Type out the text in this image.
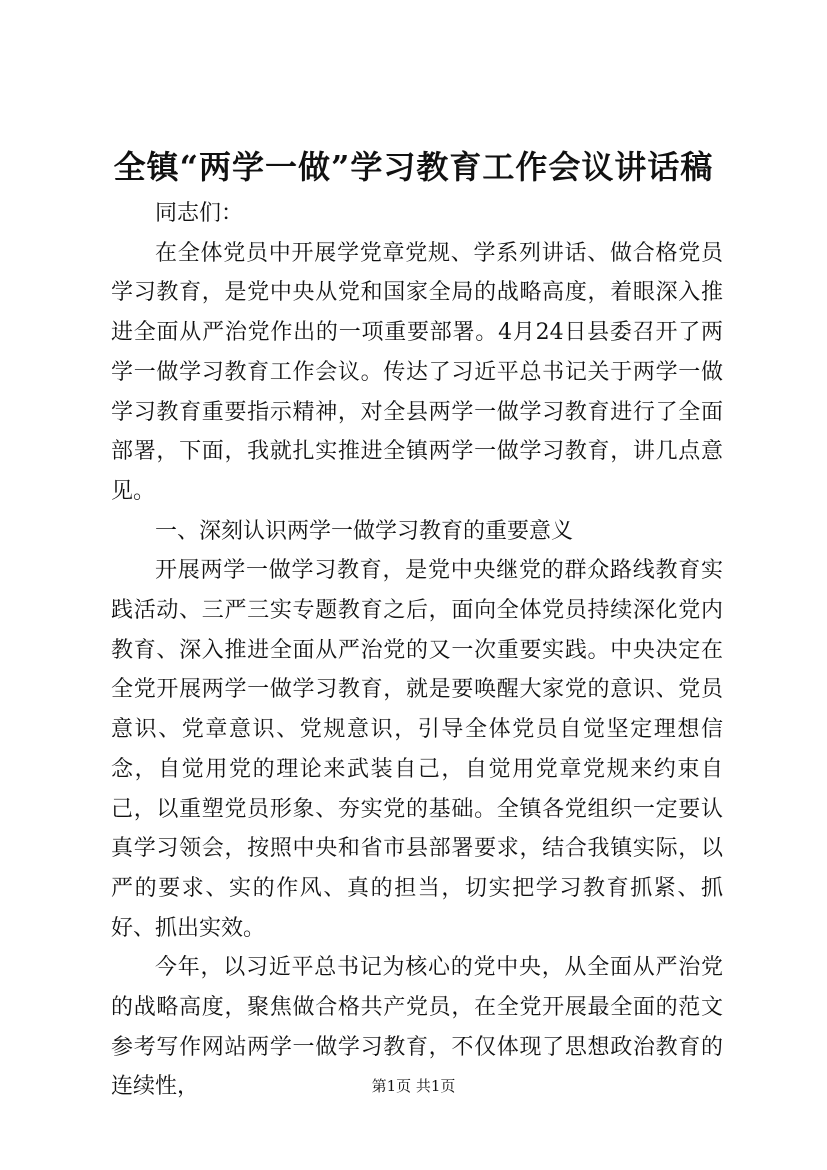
全镇“两学一做”学习教育工作会议讲话稿

同志们：

在全体党员中开展学党章党规、学系列讲话、做合格党员学习教育，是党中央从党和国家全局的战略高度，着眼深入推进全面从严治党作出的一项重要部署。4月24日县委召开了两学一做学习教育工作会议。传达了习近平总书记关于两学一做学习教育重要指示精神，对全县两学一做学习教育进行了全面部署，下面，我就扎实推进全镇两学一做学习教育，讲几点意见。

一、深刻认识两学一做学习教育的重要意义

开展两学一做学习教育，是党中央继党的群众路线教育实践活动、三严三实专题教育之后，面向全体党员持续深化党内教育、深入推进全面从严治党的又一次重要实践。中央决定在全党开展两学一做学习教育，就是要唤醒大家党的意识、党员意识、党章意识、党规意识，引导全体党员自觉坚定理想信念，自觉用党的理论来武装自己，自觉用党章党规来约束自己，以重塑党员形象、夯实党的基础。全镇各党组织一定要认真学习领会，按照中央和省市县部署要求，结合我镇实际，以严的要求、实的作风、真的担当，切实把学习教育抓紧、抓好、抓出实效。

今年，以习近平总书记为核心的党中央，从全面从严治党的战略高度，聚焦做合格共产党员，在全党开展最全面的范文参考写作网站两学一做学习教育，不仅体现了思想政治教育的连续性，	第1页 共1页
